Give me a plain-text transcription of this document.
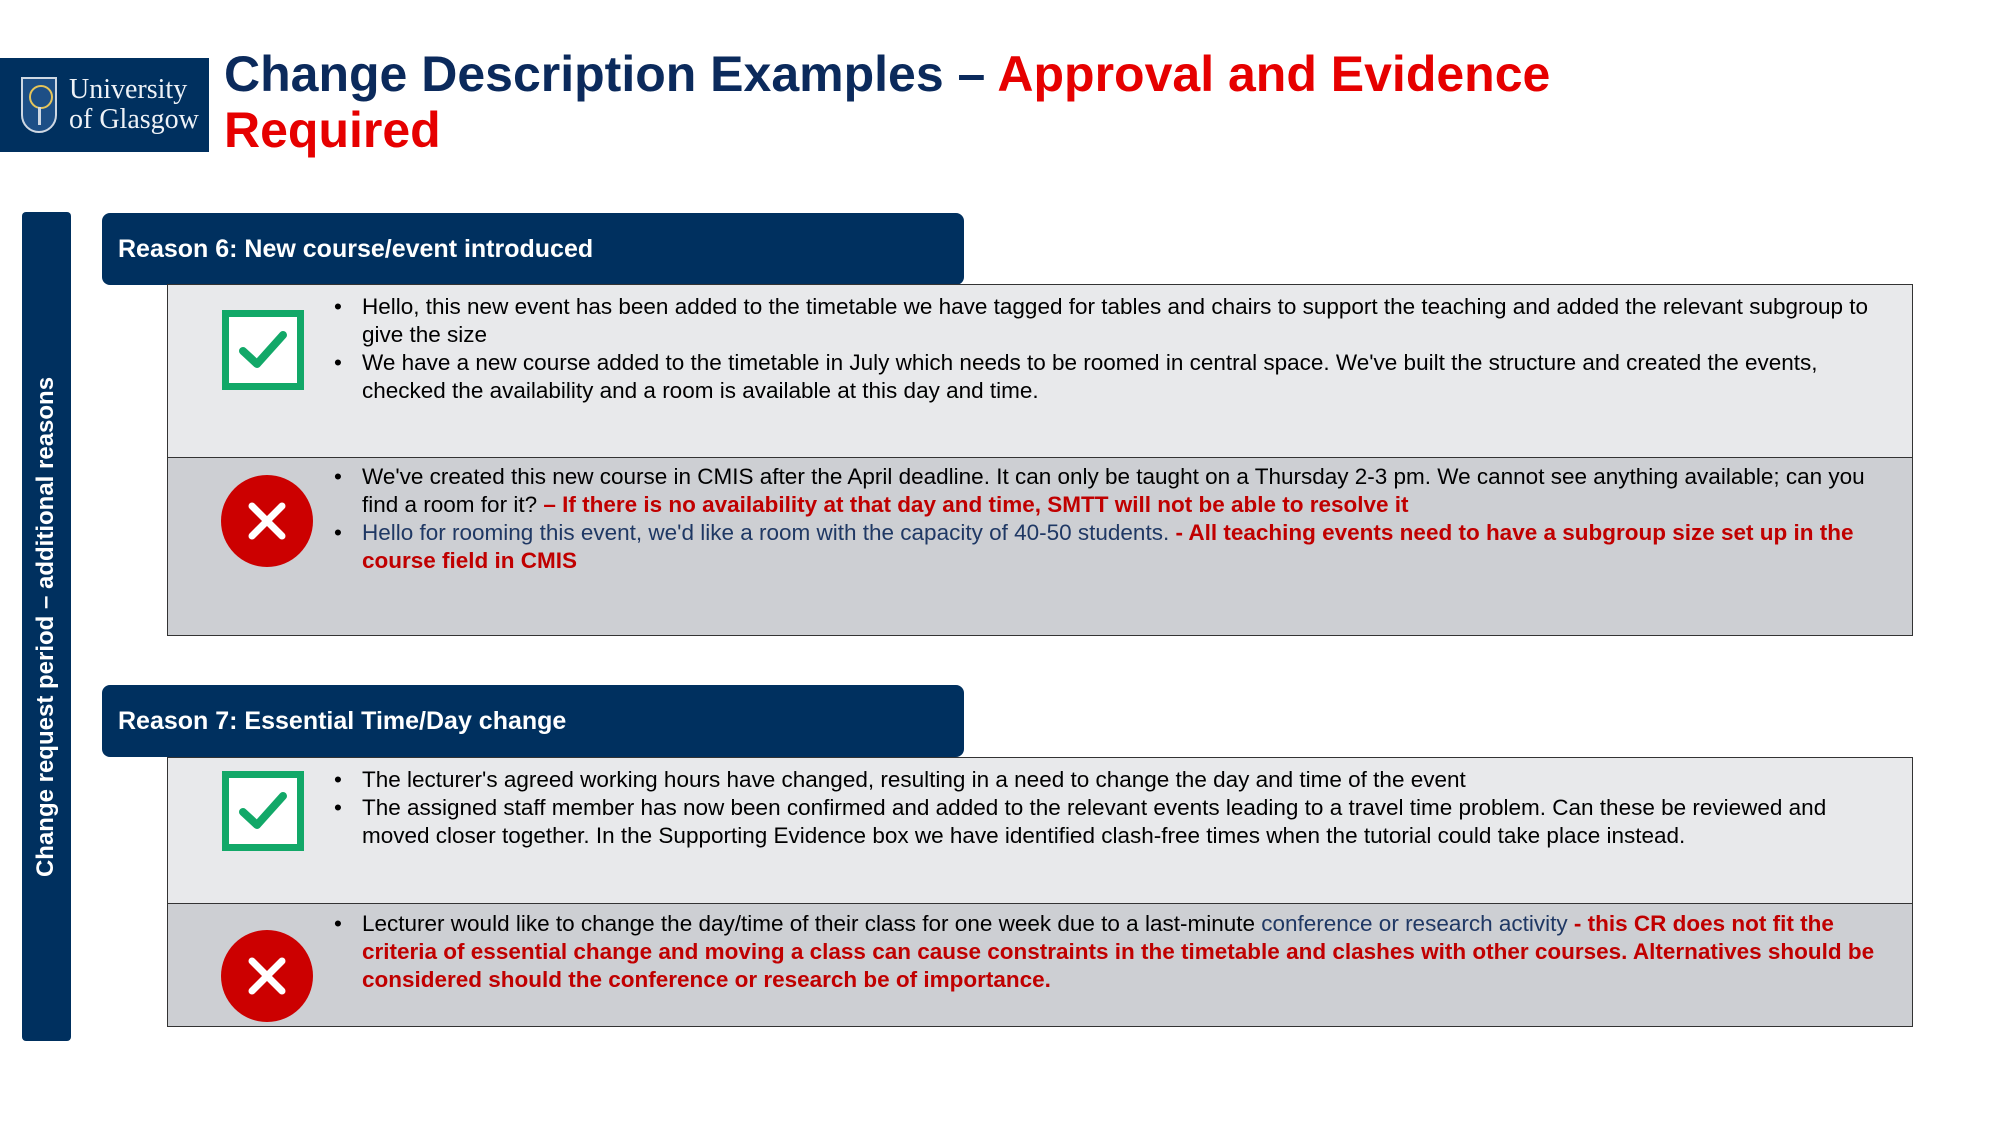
University
of Glasgow
Change Description Examples – Approval and Evidence Required
Change request period – additional reasons
Reason 6: New course/event introduced
• Hello, this new event has been added to the timetable we have tagged for tables and chairs to support the teaching and added the relevant subgroup to give the size
• We have a new course added to the timetable in July which needs to be roomed in central space. We've built the structure and created the events, checked the availability and a room is available at this day and time.
• We've created this new course in CMIS after the April deadline. It can only be taught on a Thursday 2-3 pm. We cannot see anything available; can you find a room for it? – If there is no availability at that day and time, SMTT will not be able to resolve it
• Hello for rooming this event, we'd like a room with the capacity of 40-50 students. - All teaching events need to have a subgroup size set up in the course field in CMIS
Reason 7: Essential Time/Day change
• The lecturer's agreed working hours have changed, resulting in a need to change the day and time of the event
• The assigned staff member has now been confirmed and added to the relevant events leading to a travel time problem. Can these be reviewed and moved closer together. In the Supporting Evidence box we have identified clash-free times when the tutorial could take place instead.
• Lecturer would like to change the day/time of their class for one week due to a last-minute conference or research activity - this CR does not fit the criteria of essential change and moving a class can cause constraints in the timetable and clashes with other courses. Alternatives should be considered should the conference or research be of importance.
